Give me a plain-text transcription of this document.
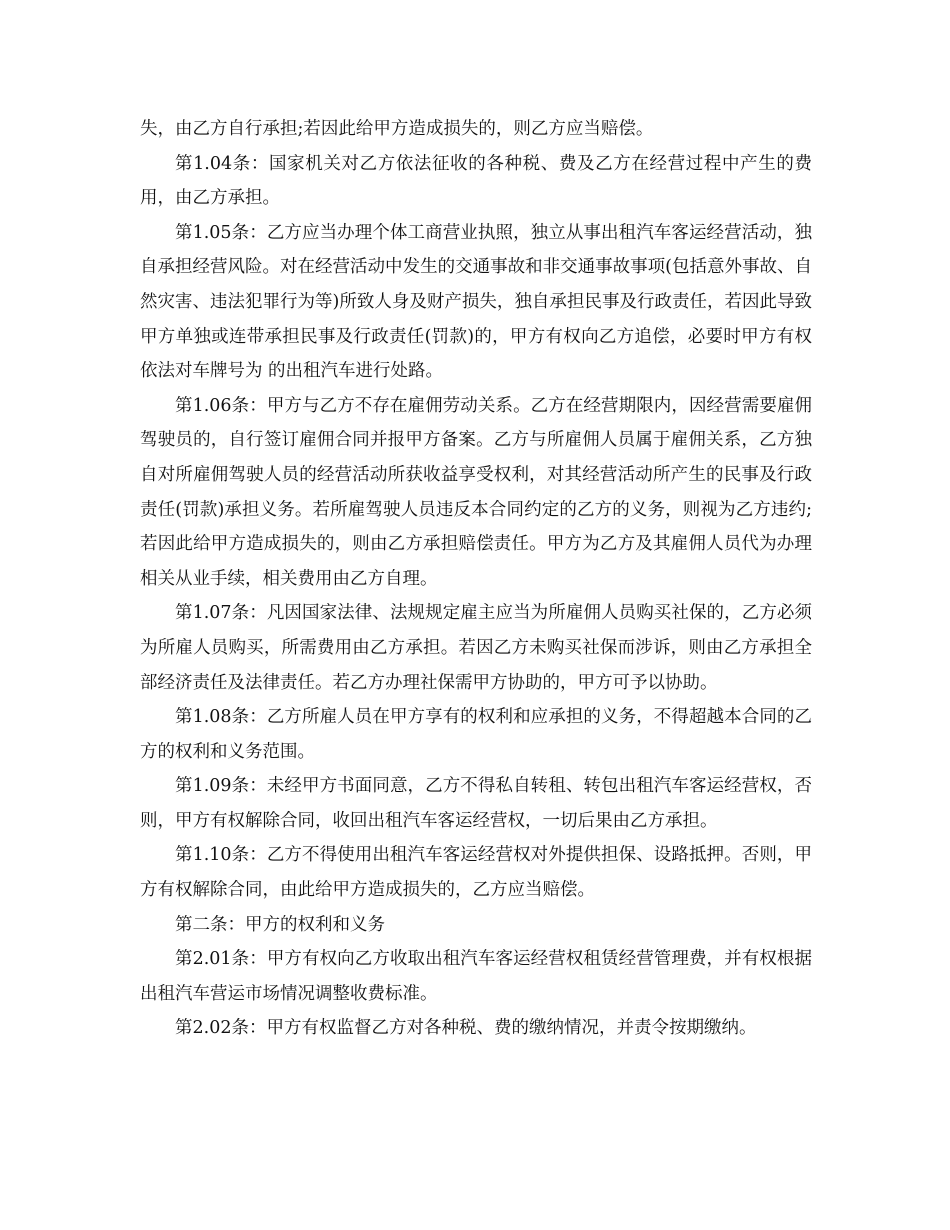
失，由乙方自行承担;若因此给甲方造成损失的，则乙方应当赔偿。

第1.04条：国家机关对乙方依法征收的各种税、费及乙方在经营过程中产生的费用，由乙方承担。

第1.05条：乙方应当办理个体工商营业执照，独立从事出租汽车客运经营活动，独自承担经营风险。对在经营活动中发生的交通事故和非交通事故事项(包括意外事故、自然灾害、违法犯罪行为等)所致人身及财产损失，独自承担民事及行政责任，若因此导致甲方单独或连带承担民事及行政责任(罚款)的，甲方有权向乙方追偿，必要时甲方有权依法对车牌号为 的出租汽车进行处路。

第1.06条：甲方与乙方不存在雇佣劳动关系。乙方在经营期限内，因经营需要雇佣驾驶员的，自行签订雇佣合同并报甲方备案。乙方与所雇佣人员属于雇佣关系，乙方独自对所雇佣驾驶人员的经营活动所获收益享受权利，对其经营活动所产生的民事及行政责任(罚款)承担义务。若所雇驾驶人员违反本合同约定的乙方的义务，则视为乙方违约;若因此给甲方造成损失的，则由乙方承担赔偿责任。甲方为乙方及其雇佣人员代为办理相关从业手续，相关费用由乙方自理。

第1.07条：凡因国家法律、法规规定雇主应当为所雇佣人员购买社保的，乙方必须为所雇人员购买，所需费用由乙方承担。若因乙方未购买社保而涉诉，则由乙方承担全部经济责任及法律责任。若乙方办理社保需甲方协助的，甲方可予以协助。

第1.08条：乙方所雇人员在甲方享有的权利和应承担的义务，不得超越本合同的乙方的权利和义务范围。

第1.09条：未经甲方书面同意，乙方不得私自转租、转包出租汽车客运经营权，否则，甲方有权解除合同，收回出租汽车客运经营权，一切后果由乙方承担。

第1.10条：乙方不得使用出租汽车客运经营权对外提供担保、设路抵押。否则，甲方有权解除合同，由此给甲方造成损失的，乙方应当赔偿。

第二条：甲方的权利和义务

第2.01条：甲方有权向乙方收取出租汽车客运经营权租赁经营管理费，并有权根据出租汽车营运市场情况调整收费标准。

第2.02条：甲方有权监督乙方对各种税、费的缴纳情况，并责令按期缴纳。
